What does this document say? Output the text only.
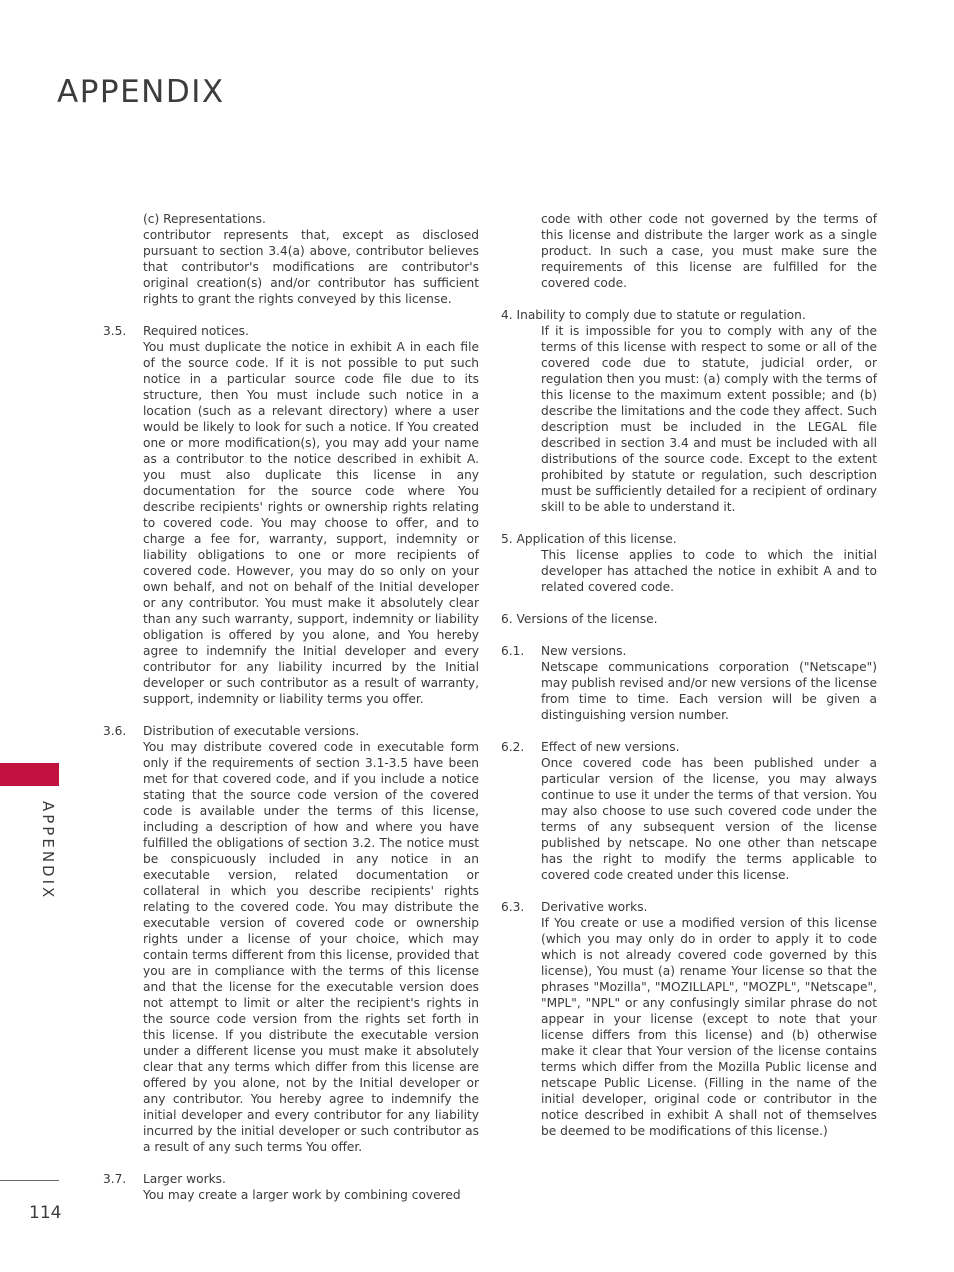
APPENDIX
APPENDIX
114
(c) Representations.
contributor represents that, except as disclosed pursuant to section 3.4(a) above, contributor believes that contributor's modifications are contributor's original creation(s) and/or contributor has sufficient rights to grant the rights conveyed by this license.
3.5. Required notices.
You must duplicate the notice in exhibit A in each file of the source code. If it is not possible to put such notice in a particular source code file due to its structure, then You must include such notice in a location (such as a relevant directory) where a user would be likely to look for such a notice. If You created one or more modification(s), you may add your name as a contributor to the notice described in exhibit A. you must also duplicate this license in any documentation for the source code where You describe recipients' rights or ownership rights relating to covered code. You may choose to offer, and to charge a fee for, warranty, support, indemnity or liability obligations to one or more recipients of covered code. However, you may do so only on your own behalf, and not on behalf of the Initial developer or any contributor. You must make it absolutely clear than any such warranty, support, indemnity or liability obligation is offered by you alone, and You hereby agree to indemnify the Initial developer and every contributor for any liability incurred by the Initial developer or such contributor as a result of warranty, support, indemnity or liability terms you offer.
3.6. Distribution of executable versions.
You may distribute covered code in executable form only if the requirements of section 3.1-3.5 have been met for that covered code, and if you include a notice stating that the source code version of the covered code is available under the terms of this license, including a description of how and where you have fulfilled the obligations of section 3.2. The notice must be conspicuously included in any notice in an executable version, related documentation or collateral in which you describe recipients' rights relating to the covered code. You may distribute the executable version of covered code or ownership rights under a license of your choice, which may contain terms different from this license, provided that you are in compliance with the terms of this license and that the license for the executable version does not attempt to limit or alter the recipient's rights in the source code version from the rights set forth in this license. If you distribute the executable version under a different license you must make it absolutely clear that any terms which differ from this license are offered by you alone, not by the Initial developer or any contributor. You hereby agree to indemnify the initial developer and every contributor for any liability incurred by the initial developer or such contributor as a result of any such terms You offer.
3.7. Larger works.
You may create a larger work by combining covered
code with other code not governed by the terms of this license and distribute the larger work as a single product. In such a case, you must make sure the requirements of this license are fulfilled for the covered code.
4. Inability to comply due to statute or regulation.
If it is impossible for you to comply with any of the terms of this license with respect to some or all of the covered code due to statute, judicial order, or regulation then you must: (a) comply with the terms of this license to the maximum extent possible; and (b) describe the limitations and the code they affect. Such description must be included in the LEGAL file described in section 3.4 and must be included with all distributions of the source code. Except to the extent prohibited by statute or regulation, such description must be sufficiently detailed for a recipient of ordinary skill to be able to understand it.
5. Application of this license.
This license applies to code to which the initial developer has attached the notice in exhibit A and to related covered code.
6. Versions of the license.
6.1. New versions.
Netscape communications corporation ("Netscape") may publish revised and/or new versions of the license from time to time. Each version will be given a distinguishing version number.
6.2. Effect of new versions.
Once covered code has been published under a particular version of the license, you may always continue to use it under the terms of that version. You may also choose to use such covered code under the terms of any subsequent version of the license published by netscape. No one other than netscape has the right to modify the terms applicable to covered code created under this license.
6.3. Derivative works.
If You create or use a modified version of this license (which you may only do in order to apply it to code which is not already covered code governed by this license), You must (a) rename Your license so that the phrases "Mozilla", "MOZILLAPL", "MOZPL", "Netscape", "MPL", "NPL" or any confusingly similar phrase do not appear in your license (except to note that your license differs from this license) and (b) otherwise make it clear that Your version of the license contains terms which differ from the Mozilla Public license and netscape Public License. (Filling in the name of the initial developer, original code or contributor in the notice described in exhibit A shall not of themselves be deemed to be modifications of this license.)
